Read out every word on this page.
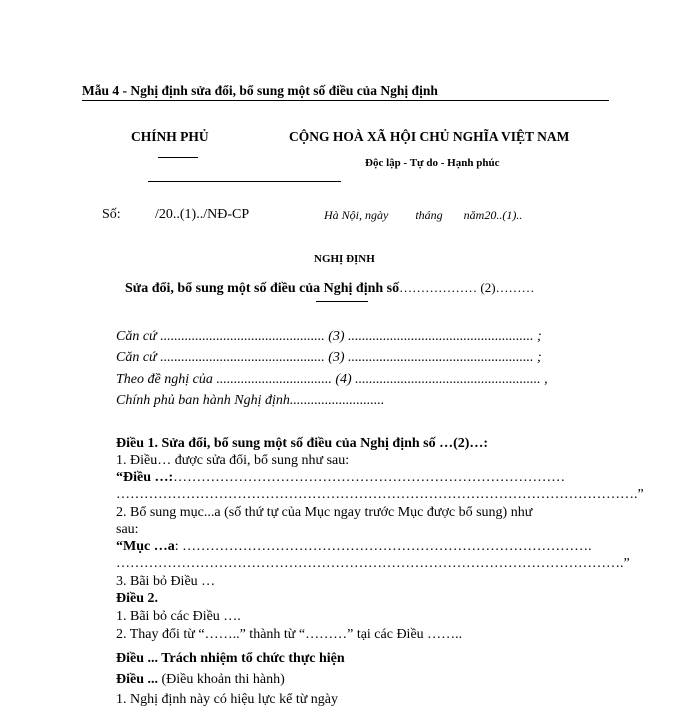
Mẫu 4 - Nghị định sửa đổi, bổ sung một số điều của Nghị định
CHÍNH PHỦ	CỘNG HOÀ XÃ HỘI CHỦ NGHĨA VIỆT NAM
Độc lập - Tự do - Hạnh phúc
Số: /20..(1)../NĐ-CP	Hà Nội, ngày         tháng       năm20..(1)..
NGHỊ ĐỊNH
Sửa đổi, bổ sung một số điều của Nghị định số……………… (2)………
Căn cứ ............................................... (3) ..................................................... ;
Căn cứ ............................................... (3) ..................................................... ;
Theo đề nghị của ................................. (4) ..................................................... ,
Chính phủ ban hành Nghị định...........................
Điều 1. Sửa đổi, bổ sung một số điều của Nghị định số …(2)…:
1. Điều… được sửa đổi, bổ sung như sau:
“Điều …:…………………………………………………………………………
………………………………………………………………………………………………….”
2. Bổ sung mục...a (số thứ tự của Mục ngay trước Mục được bổ sung) như
sau:
“Mục …a: …………………………………………………………………………….
……………………………………………………………………………………………….”
3. Bãi bỏ Điều …
Điều 2.
1. Bãi bỏ các Điều ….
2. Thay đổi từ “……..” thành từ “………” tại các Điều ……..
Điều ... Trách nhiệm tổ chức thực hiện
Điều ... (Điều khoản thi hành)
1. Nghị định này có hiệu lực kể từ ngày
